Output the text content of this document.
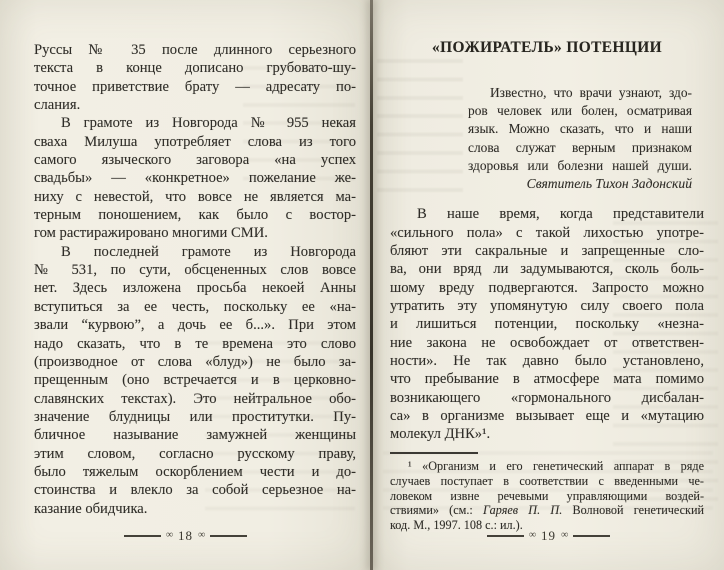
Руссы № 35 после длинного серьезного
текста в конце дописано грубовато-шу-
точное приветствие брату — адресату по-
слания.
В грамоте из Новгорода № 955 некая
сваха Милуша употребляет слова из того
самого языческого заговора «на успех
свадьбы» — «конкретное» пожелание же-
ниху с невестой, что вовсе не является ма-
терным поношением, как было с востор-
гом растиражировано многими СМИ.
В последней грамоте из Новгорода
№ 531, по сути, обсцененных слов вовсе
нет. Здесь изложена просьба некоей Анны
вступиться за ее честь, поскольку ее «на-
звали “курвою”, а дочь ее б...». При этом
надо сказать, что в те времена это слово
(производное от слова «блуд») не было за-
прещенным (оно встречается и в церковно-
славянских текстах). Это нейтральное обо-
значение блудницы или проститутки. Пу-
бличное называние замужней женщины
этим словом, согласно русскому праву,
было тяжелым оскорблением чести и до-
стоинства и влекло за собой серьезное на-
казание обидчика.
∞ 18 ∞
«ПОЖИРАТЕЛЬ» ПОТЕНЦИИ
Известно, что врачи узнают, здо-
ров человек или болен, осматривая
язык. Можно сказать, что и наши
слова служат верным признаком
здоровья или болезни нашей души.
Святитель Тихон Задонский
В наше время, когда представители
«сильного пола» с такой лихостью употре-
бляют эти сакральные и запрещенные сло-
ва, они вряд ли задумываются, сколь боль-
шому вреду подвергаются. Запросто можно
утратить эту упомянутую силу своего пола
и лишиться потенции, поскольку «незна-
ние закона не освобождает от ответствен-
ности». Не так давно было установлено,
что пребывание в атмосфере мата помимо
возникающего «гормонального дисбалан-
са» в организме вызывает еще и «мутацию
молекул ДНК»¹.
¹ «Организм и его генетический аппарат в ряде
случаев поступает в соответствии с введенными че-
ловеком извне речевыми управляющими воздей-
ствиями» (см.: Гаряев П. П. Волновой генетический
код. М., 1997. 108 с.: ил.).
∞ 19 ∞
